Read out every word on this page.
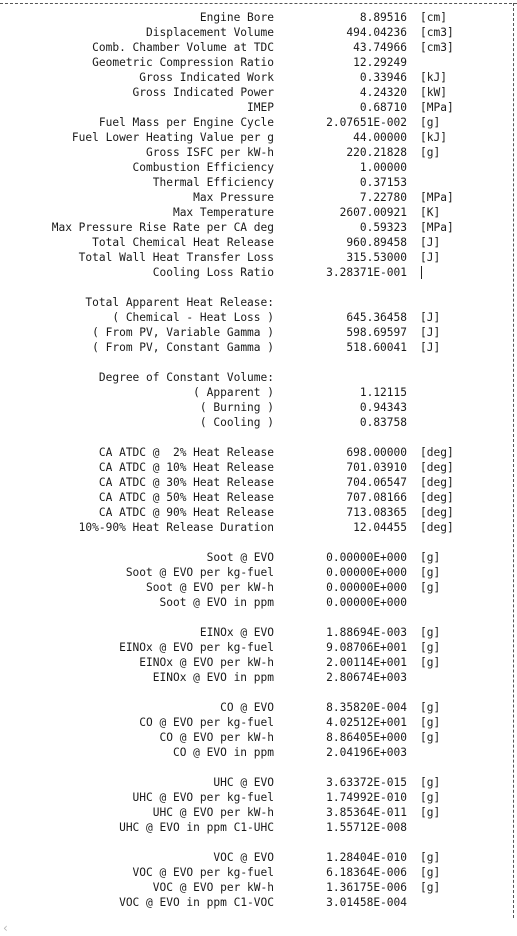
Engine Bore	8.89516 [cm]
Displacement Volume	494.04236 [cm3]
Comb. Chamber Volume at TDC	43.74966 [cm3]
Geometric Compression Ratio	12.29249
Gross Indicated Work	0.33946 [kJ]
Gross Indicated Power	4.24320 [kW]
IMEP	0.68710 [MPa]
Fuel Mass per Engine Cycle	2.07651E-002 [g]
Fuel Lower Heating Value per g	44.00000 [kJ]
Gross ISFC per kW-h	220.21828 [g]
Combustion Efficiency	1.00000
Thermal Efficiency	0.37153
Max Pressure	7.22780 [MPa]
Max Temperature	2607.00921 [K]
Max Pressure Rise Rate per CA deg	0.59323 [MPa]
Total Chemical Heat Release	960.89458 [J]
Total Wall Heat Transfer Loss	315.53000 [J]
Cooling Loss Ratio	3.28371E-001
Total Apparent Heat Release:
( Chemical - Heat Loss )	645.36458 [J]
( From PV, Variable Gamma )	598.69597 [J]
( From PV, Constant Gamma )	518.60041 [J]
Degree of Constant Volume:
( Apparent )	1.12115
( Burning )	0.94343
( Cooling )	0.83758
CA ATDC @  2% Heat Release	698.00000 [deg]
CA ATDC @ 10% Heat Release	701.03910 [deg]
CA ATDC @ 30% Heat Release	704.06547 [deg]
CA ATDC @ 50% Heat Release	707.08166 [deg]
CA ATDC @ 90% Heat Release	713.08365 [deg]
10%-90% Heat Release Duration	12.04455 [deg]
Soot @ EVO	0.00000E+000 [g]
Soot @ EVO per kg-fuel	0.00000E+000 [g]
Soot @ EVO per kW-h	0.00000E+000 [g]
Soot @ EVO in ppm	0.00000E+000
EINOx @ EVO	1.88694E-003 [g]
EINOx @ EVO per kg-fuel	9.08706E+001 [g]
EINOx @ EVO per kW-h	2.00114E+001 [g]
EINOx @ EVO in ppm	2.80674E+003
CO @ EVO	8.35820E-004 [g]
CO @ EVO per kg-fuel	4.02512E+001 [g]
CO @ EVO per kW-h	8.86405E+000 [g]
CO @ EVO in ppm	2.04196E+003
UHC @ EVO	3.63372E-015 [g]
UHC @ EVO per kg-fuel	1.74992E-010 [g]
UHC @ EVO per kW-h	3.85364E-011 [g]
UHC @ EVO in ppm C1-UHC	1.55712E-008
VOC @ EVO	1.28404E-010 [g]
VOC @ EVO per kg-fuel	6.18364E-006 [g]
VOC @ EVO per kW-h	1.36175E-006 [g]
VOC @ EVO in ppm C1-VOC	3.01458E-004
‹
